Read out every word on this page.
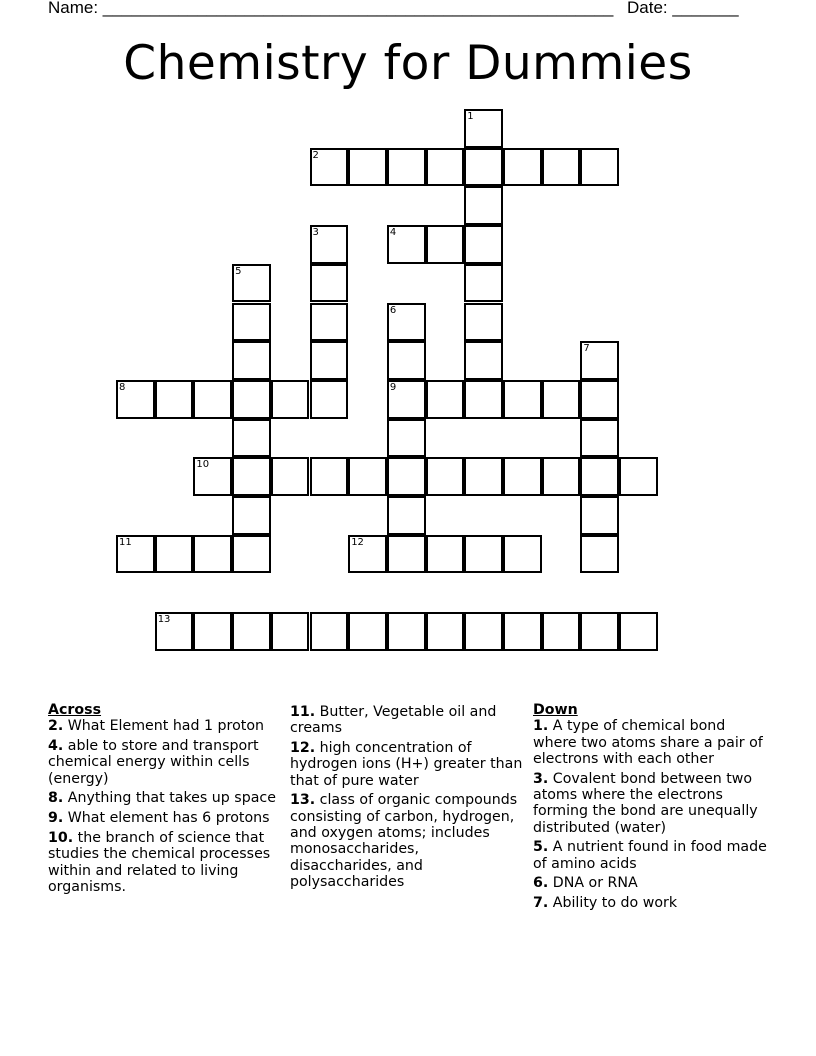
Name: ______________________________________________________ Date: _______
Chemistry for Dummies
1
2
3	4
5
6
9
7
8
10
11	12
13
Across
2. What Element had 1 proton
4. able to store and transport chemical energy within cells (energy)
8. Anything that takes up space
9. What element has 6 protons
10. the branch of science that studies the chemical processes within and related to living organisms.
11. Butter, Vegetable oil and creams
12. high concentration of hydrogen ions (H+) greater than that of pure water
13. class of organic compounds consisting of carbon, hydrogen, and oxygen atoms; includes monosaccharides, disaccharides, and polysaccharides
Down
1. A type of chemical bond where two atoms share a pair of electrons with each other
3. Covalent bond between two atoms where the electrons forming the bond are unequally distributed (water)
5. A nutrient found in food made of amino acids
6. DNA or RNA
7. Ability to do work
